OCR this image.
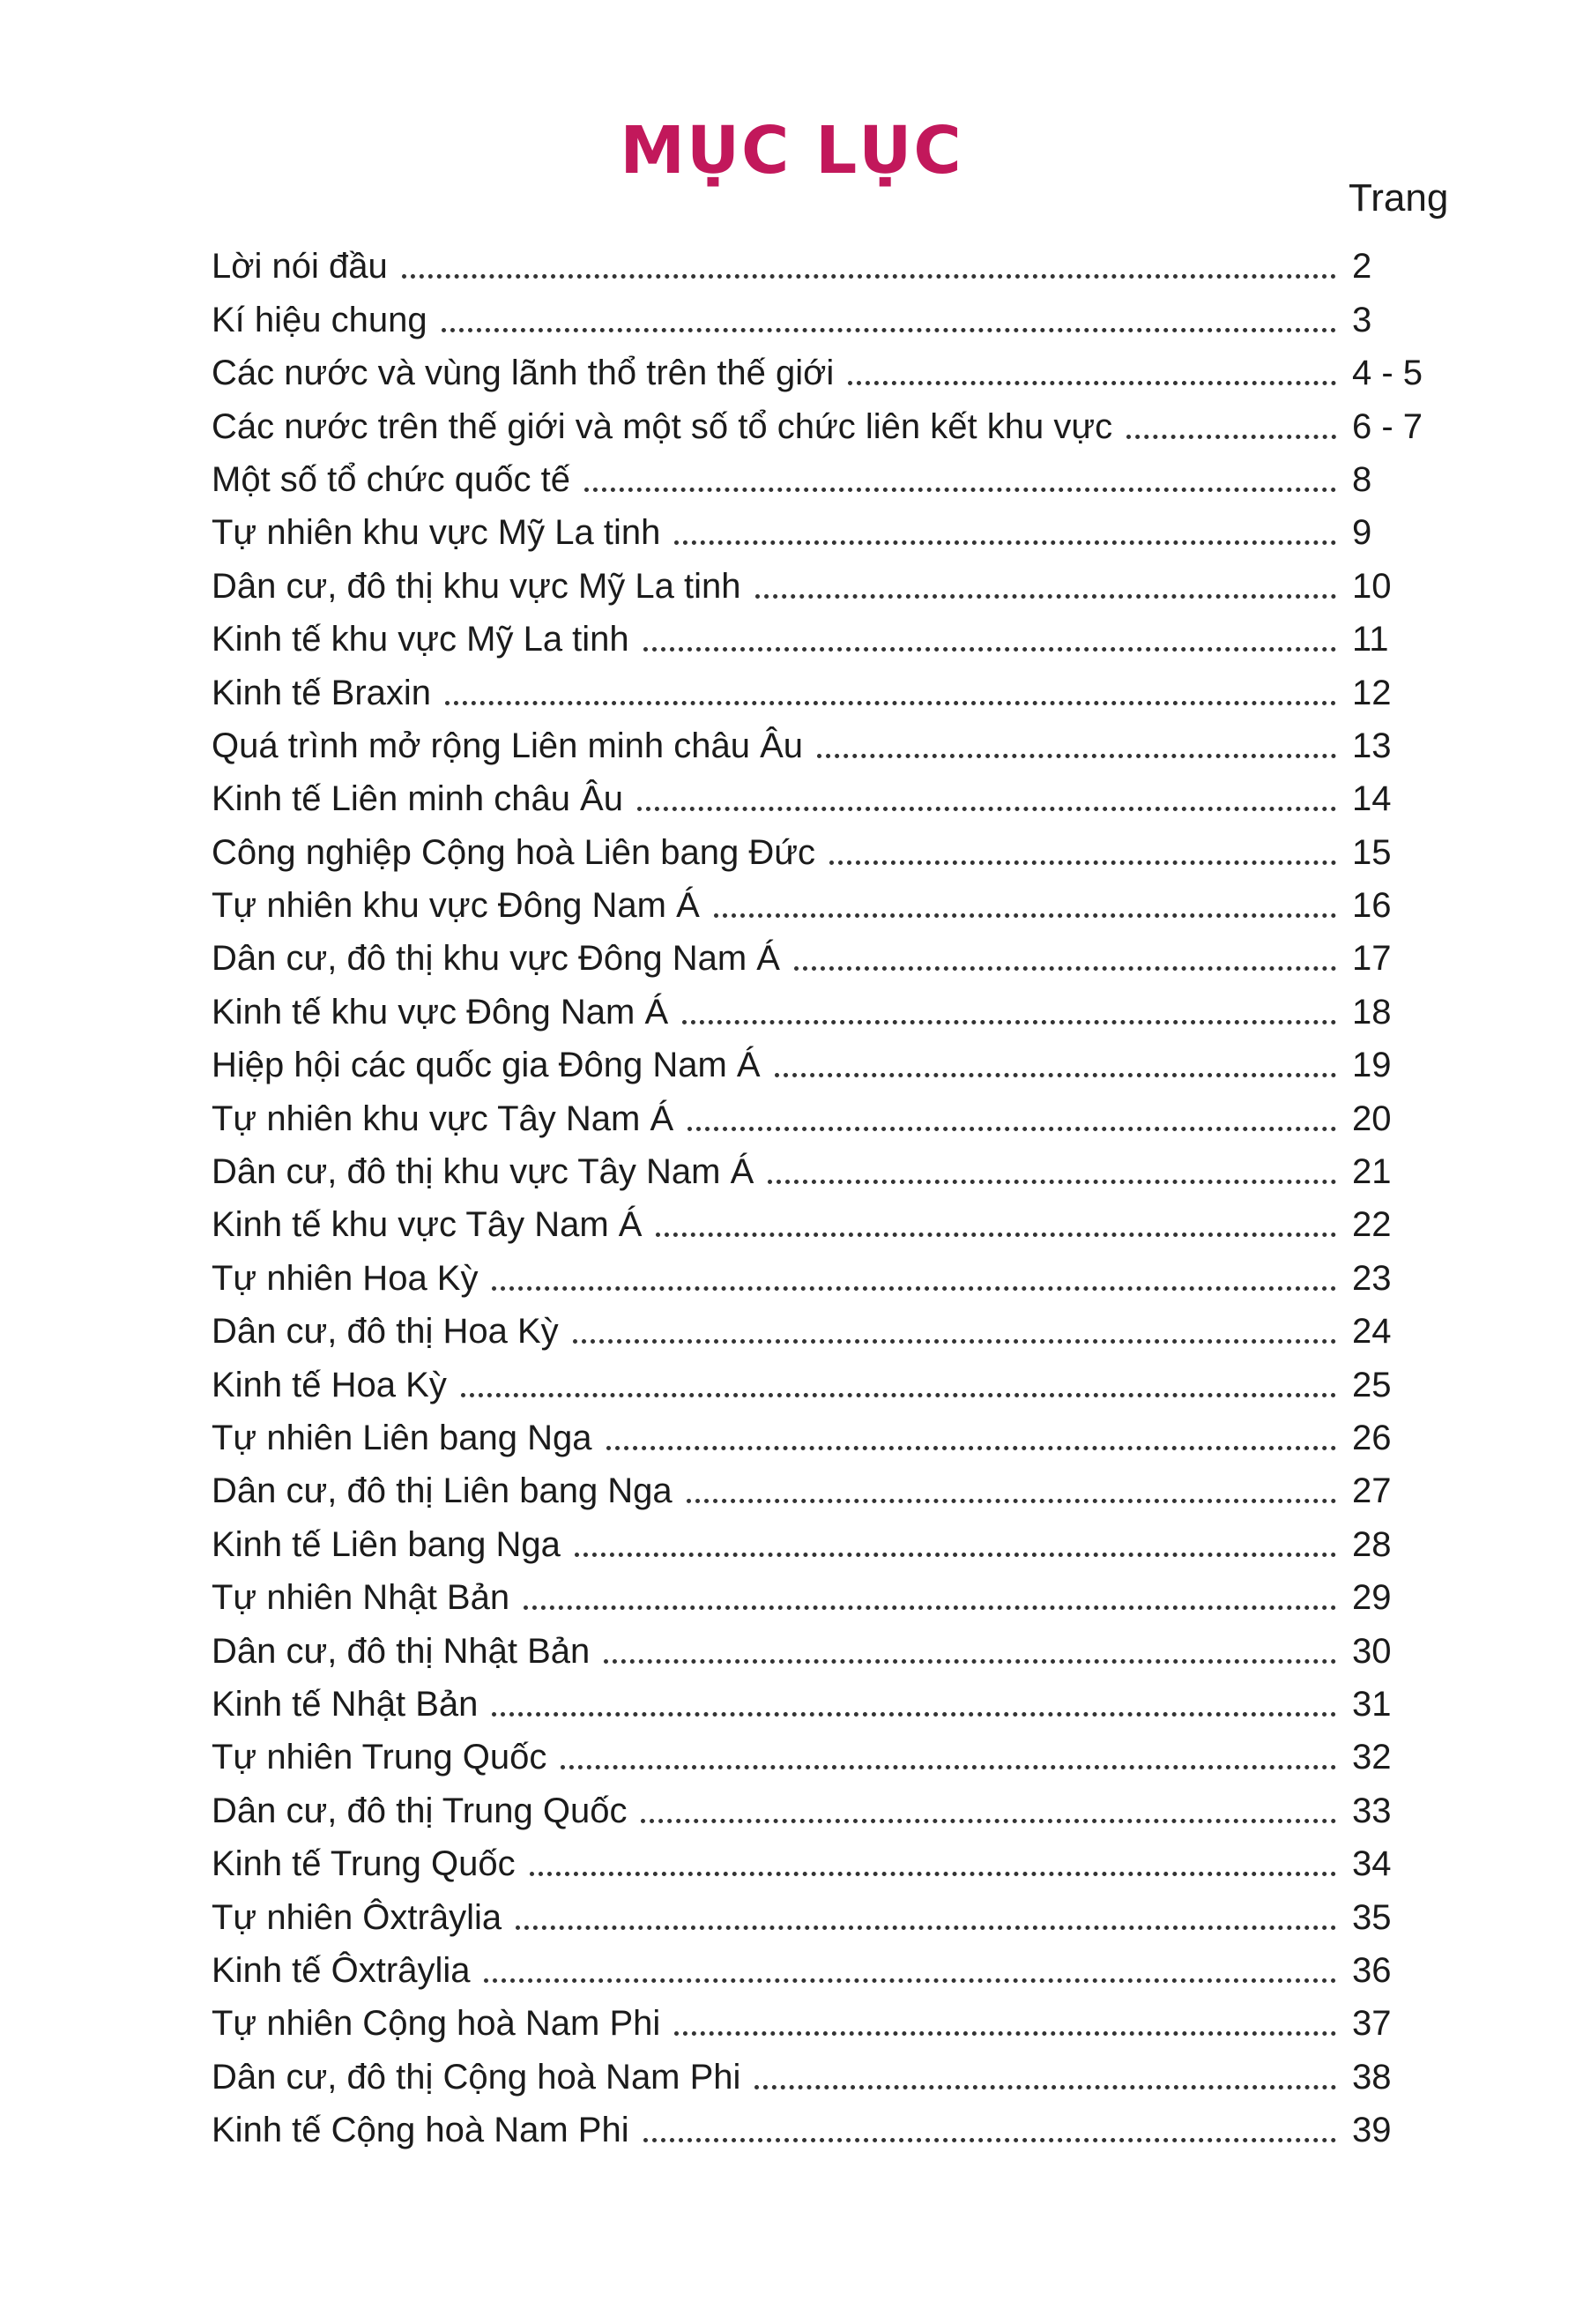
MỤC LỤC
Trang
Lời nói đầu	2
Kí hiệu chung	3
Các nước và vùng lãnh thổ trên thế giới	4 - 5
Các nước trên thế giới và một số tổ chức liên kết khu vực	6 - 7
Một số tổ chức quốc tế	8
Tự nhiên khu vực Mỹ La tinh	9
Dân cư, đô thị khu vực Mỹ La tinh	10
Kinh tế khu vực Mỹ La tinh	11
Kinh tế Braxin	12
Quá trình mở rộng Liên minh châu Âu	13
Kinh tế Liên minh châu Âu	14
Công nghiệp Cộng hoà Liên bang Đức	15
Tự nhiên khu vực Đông Nam Á	16
Dân cư, đô thị khu vực Đông Nam Á	17
Kinh tế khu vực Đông Nam Á	18
Hiệp hội các quốc gia Đông Nam Á	19
Tự nhiên khu vực Tây Nam Á	20
Dân cư, đô thị khu vực Tây Nam Á	21
Kinh tế khu vực Tây Nam Á	22
Tự nhiên Hoa Kỳ	23
Dân cư, đô thị Hoa Kỳ	24
Kinh tế Hoa Kỳ	25
Tự nhiên Liên bang Nga	26
Dân cư, đô thị Liên bang Nga	27
Kinh tế Liên bang Nga	28
Tự nhiên Nhật Bản	29
Dân cư, đô thị Nhật Bản	30
Kinh tế Nhật Bản	31
Tự nhiên Trung Quốc	32
Dân cư, đô thị Trung Quốc	33
Kinh tế Trung Quốc	34
Tự nhiên Ôxtrâylia	35
Kinh tế Ôxtrâylia	36
Tự nhiên Cộng hoà Nam Phi	37
Dân cư, đô thị Cộng hoà Nam Phi	38
Kinh tế Cộng hoà Nam Phi	39
